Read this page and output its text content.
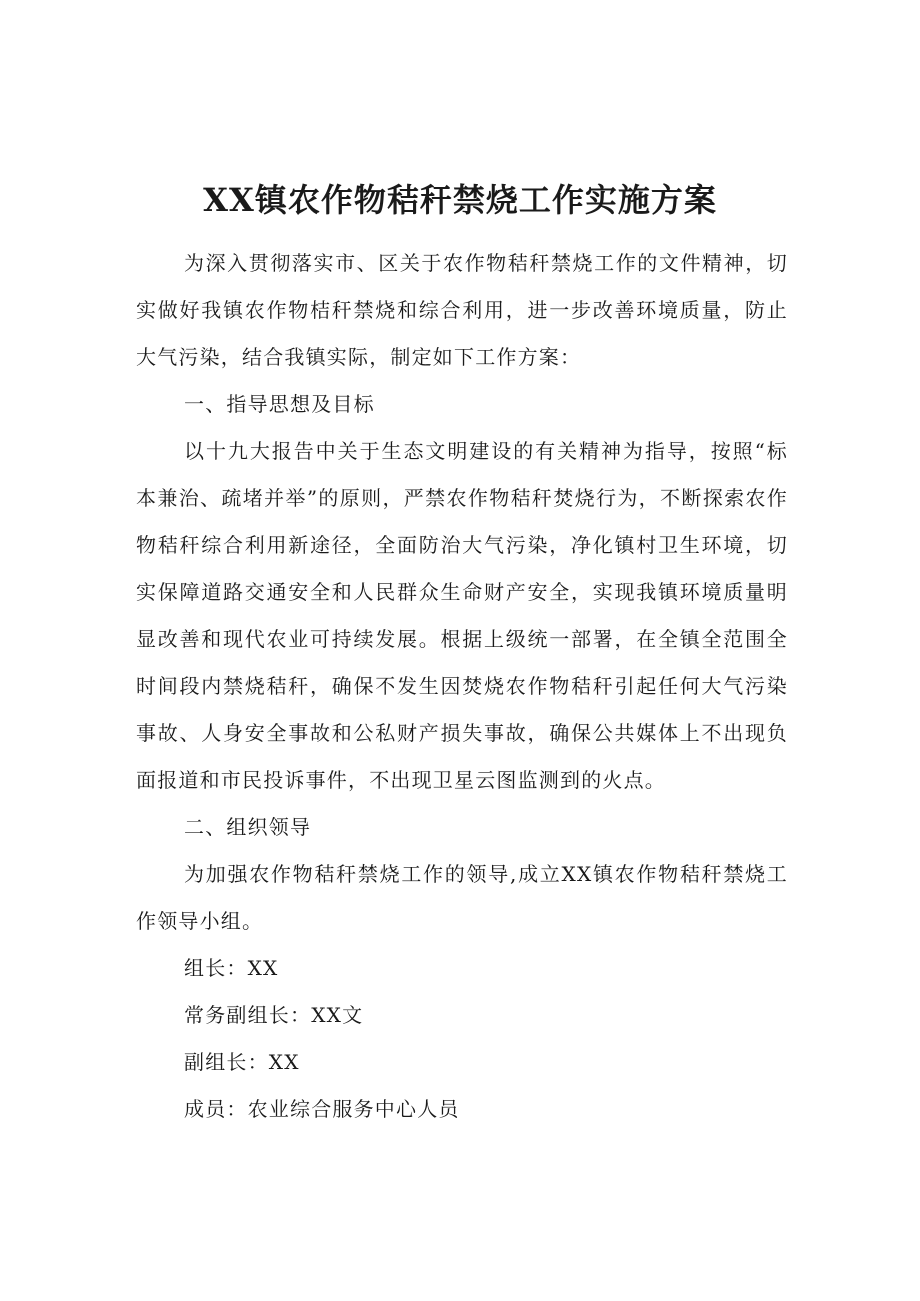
XX镇农作物秸秆禁烧工作实施方案

为深入贯彻落实市、区关于农作物秸秆禁烧工作的文件精神，切实做好我镇农作物桔秆禁烧和综合利用，进一步改善环境质量，防止大气污染，结合我镇实际，制定如下工作方案：

一、指导思想及目标

以十九大报告中关于生态文明建设的有关精神为指导，按照“标本兼治、疏堵并举”的原则，严禁农作物秸秆焚烧行为，不断探索农作物秸秆综合利用新途径，全面防治大气污染，净化镇村卫生环境，切实保障道路交通安全和人民群众生命财产安全，实现我镇环境质量明显改善和现代农业可持续发展。根据上级统一部署，在全镇全范围全时间段内禁烧秸秆，确保不发生因焚烧农作物秸秆引起任何大气污染事故、人身安全事故和公私财产损失事故，确保公共媒体上不出现负面报道和市民投诉事件，不出现卫星云图监测到的火点。

二、组织领导

为加强农作物秸秆禁烧工作的领导,成立XX镇农作物秸秆禁烧工作领导小组。

组长：XX

常务副组长：XX文

副组长：XX

成员：农业综合服务中心人员
